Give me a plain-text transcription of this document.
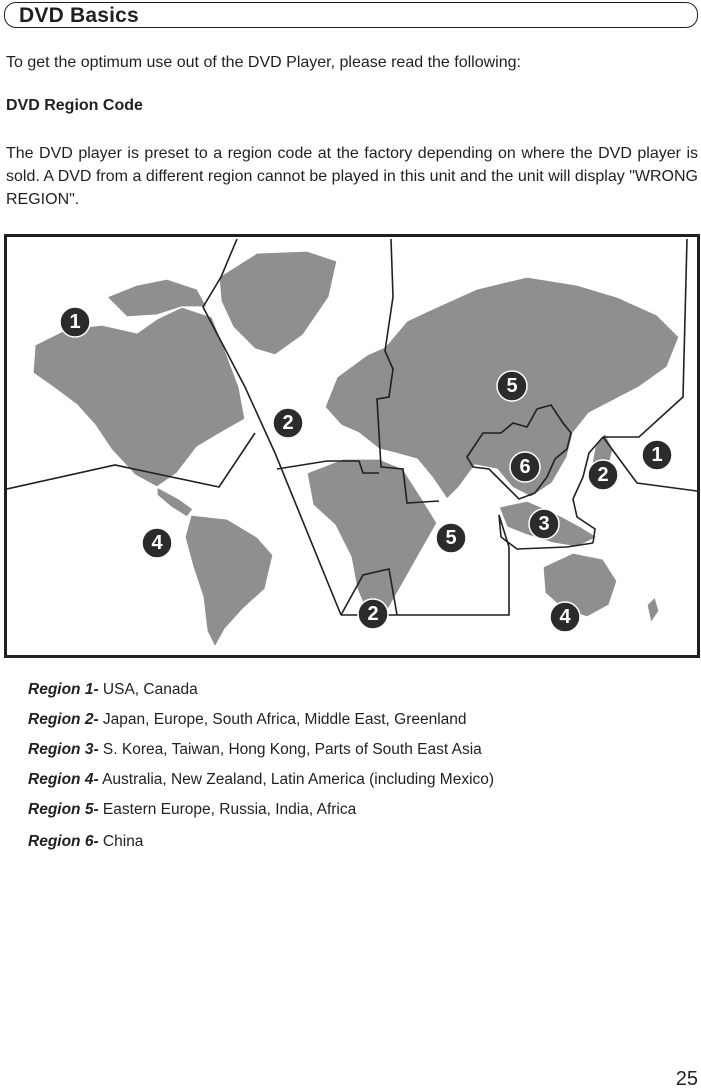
DVD Basics
To get the optimum use out of the DVD Player, please read the following:
DVD Region Code
The DVD player is preset to a region code at the factory depending on where the DVD player is sold. A DVD from a different region cannot be played in this unit and the unit will display "WRONG REGION".
1
2
4
5
6	2
1
3
5
2	4
Region 1- USA, Canada
Region 2- Japan, Europe, South Africa, Middle East, Greenland
Region 3- S. Korea, Taiwan, Hong Kong, Parts of South East Asia
Region 4- Australia, New Zealand, Latin America (including Mexico)
Region 5- Eastern Europe, Russia, India, Africa
Region 6- China
25
